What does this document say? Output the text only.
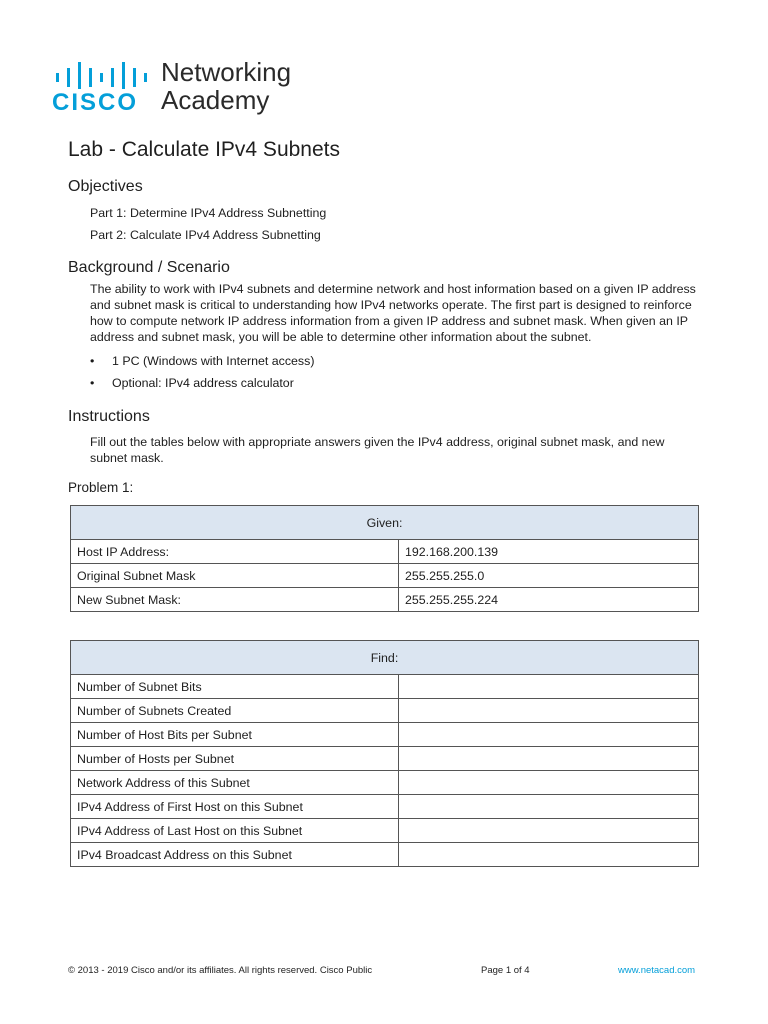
CISCO
Networking
Academy
Lab - Calculate IPv4 Subnets
Objectives
Part 1: Determine IPv4 Address Subnetting
Part 2: Calculate IPv4 Address Subnetting
Background / Scenario
The ability to work with IPv4 subnets and determine network and host information based on a given IP address and subnet mask is critical to understanding how IPv4 networks operate. The first part is designed to reinforce how to compute network IP address information from a given IP address and subnet mask. When given an IP address and subnet mask, you will be able to determine other information about the subnet.
• 1 PC (Windows with Internet access)
• Optional: IPv4 address calculator
Instructions
Fill out the tables below with appropriate answers given the IPv4 address, original subnet mask, and new subnet mask.
Problem 1:
Given:	
Host IP Address:	192.168.200.139
Original Subnet Mask	255.255.255.0
New Subnet Mask:	255.255.255.224
Find:	
Number of Subnet Bits	
Number of Subnets Created	
Number of Host Bits per Subnet	
Number of Hosts per Subnet	
Network Address of this Subnet	
IPv4 Address of First Host on this Subnet	
IPv4 Address of Last Host on this Subnet	
IPv4 Broadcast Address on this Subnet	
© 2013 - 2019 Cisco and/or its affiliates. All rights reserved. Cisco Public	Page 1 of 4	www.netacad.com
